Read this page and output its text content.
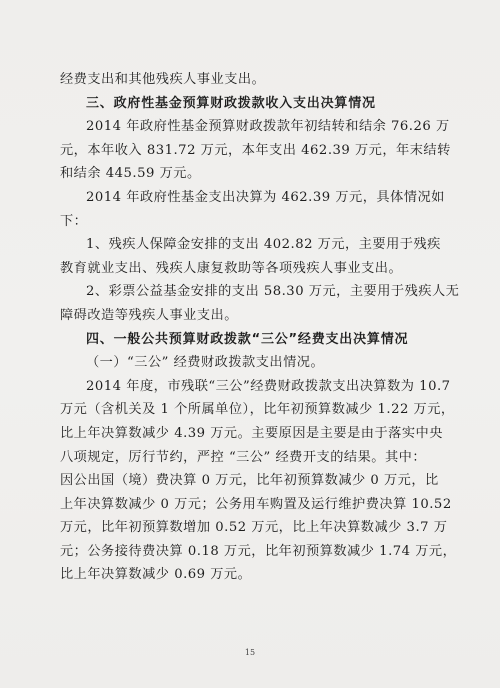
经费支出和其他残疾人事业支出。
三、政府性基金预算财政拨款收入支出决算情况
2014 年政府性基金预算财政拨款年初结转和结余 76.26 万
元，本年收入 831.72 万元，本年支出 462.39 万元，年末结转
和结余 445.59 万元。
2014 年政府性基金支出决算为 462.39 万元，具体情况如
下：
1、残疾人保障金安排的支出 402.82 万元，主要用于残疾
教育就业支出、残疾人康复救助等各项残疾人事业支出。
2、彩票公益基金安排的支出 58.30 万元，主要用于残疾人无
障碍改造等残疾人事业支出。
四、一般公共预算财政拨款“三公”经费支出决算情况
（一）“三公” 经费财政拨款支出情况。
2014 年度，市残联“三公”经费财政拨款支出决算数为 10.7
万元（含机关及 1 个所属单位），比年初预算数减少 1.22 万元，
比上年决算数减少 4.39 万元。主要原因是主要是由于落实中央
八项规定，厉行节约，严控 “三公” 经费开支的结果。其中：
因公出国（境）费决算 0 万元，比年初预算数减少 0 万元，比
上年决算数减少 0 万元；公务用车购置及运行维护费决算 10.52
万元，比年初预算数增加 0.52 万元，比上年决算数减少 3.7 万
元；公务接待费决算 0.18 万元，比年初预算数减少 1.74 万元，
比上年决算数减少 0.69 万元。
15
